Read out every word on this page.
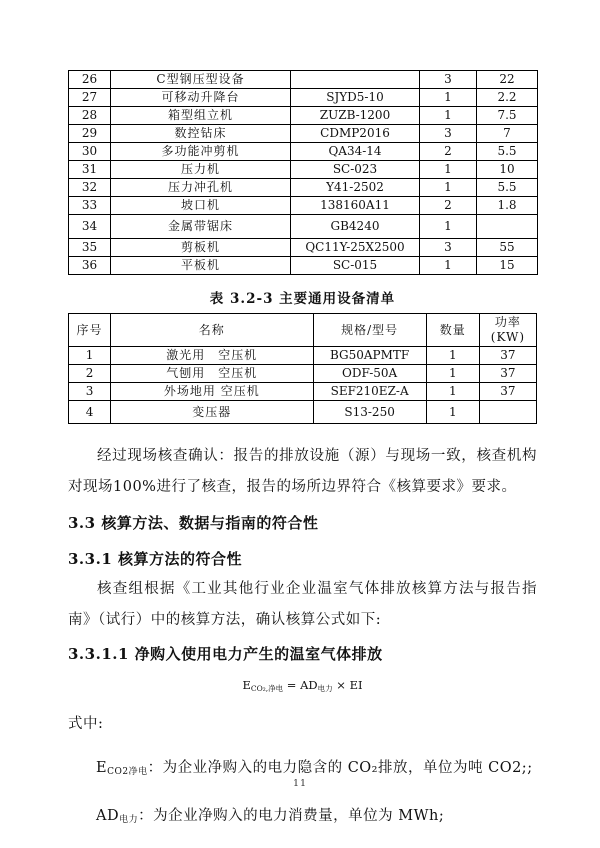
26	C型钢压型设备		3	22
27	可移动升降台	SJYD5-10	1	2.2
28	箱型组立机	ZUZB-1200	1	7.5
29	数控钻床	CDMP2016	3	7
30	多功能冲剪机	QA34-14	2	5.5
31	压力机	SC-023	1	10
32	压力冲孔机	Y41-2502	1	5.5
33	坡口机	138160A11	2	1.8
34	金属带锯床	GB4240	1	
35	剪板机	QC11Y-25X2500	3	55
36	平板机	SC-015	1	15
表 3.2-3 主要通用设备清单
序号	名称	规格/型号	数量	功率
(KW)
1	激光用　空压机	BG50APMTF	1	37
2	气刨用　空压机	ODF-50A	1	37
3	外场地用 空压机	SEF210EZ-A	1	37
4	变压器	S13-250	1	

经过现场核查确认：报告的排放设施（源）与现场一致，核查机构对现场100%进行了核查，报告的场所边界符合《核算要求》要求。

3.3 核算方法、数据与指南的符合性

3.3.1 核算方法的符合性

核查组根据《工业其他行业企业温室气体排放核算方法与报告指南》（试行）中的核算方法，确认核算公式如下:

3.3.1.1 净购入使用电力产生的温室气体排放

$E_{CO_2,净电} = AD_{电力}$ × EI

式中:

$E_{CO2净电}$：为企业净购入的电力隐含的 CO₂排放，单位为吨 CO2;;

$AD_{电力}$：为企业净购入的电力消费量，单位为 MWh;

11
